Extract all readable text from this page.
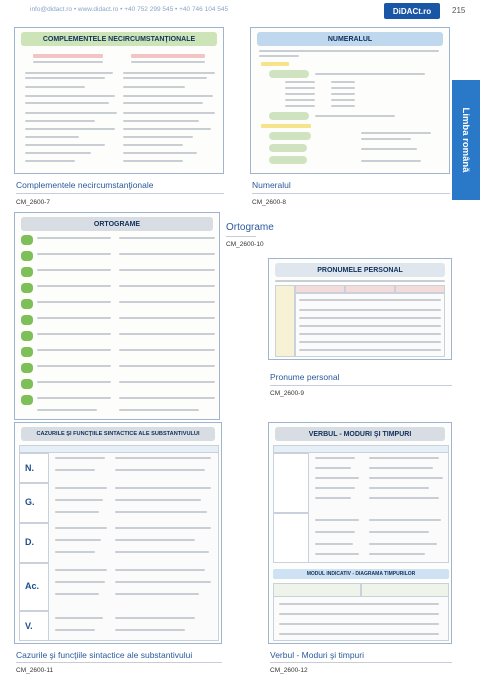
info@didact.ro • www.didact.ro • +40 752 299 545 • +40 746 104 545	DiDACt.ro	215
Limba română
COMPLEMENTELE NECIRCUMSTANŢIONALE
Complementele necircumstanţionale
CM_2600-7
NUMERALUL
Numeralul
CM_2600-8
ORTOGRAME	Ortograme
CM_2600-10
PRONUMELE PERSONAL
Pronume personal
CM_2600-9
CAZURILE ŞI FUNCŢIILE SINTACTICE ALE SUBSTANTIVULUI
N.
G.
D.
Ac.
V.
Cazurile şi funcţiile sintactice ale substantivului
CM_2600-11
VERBUL - MODURI ŞI TIMPURI
MODUL INDICATIV - DIAGRAMA TIMPURILOR
Verbul - Moduri şi timpuri
CM_2600-12
